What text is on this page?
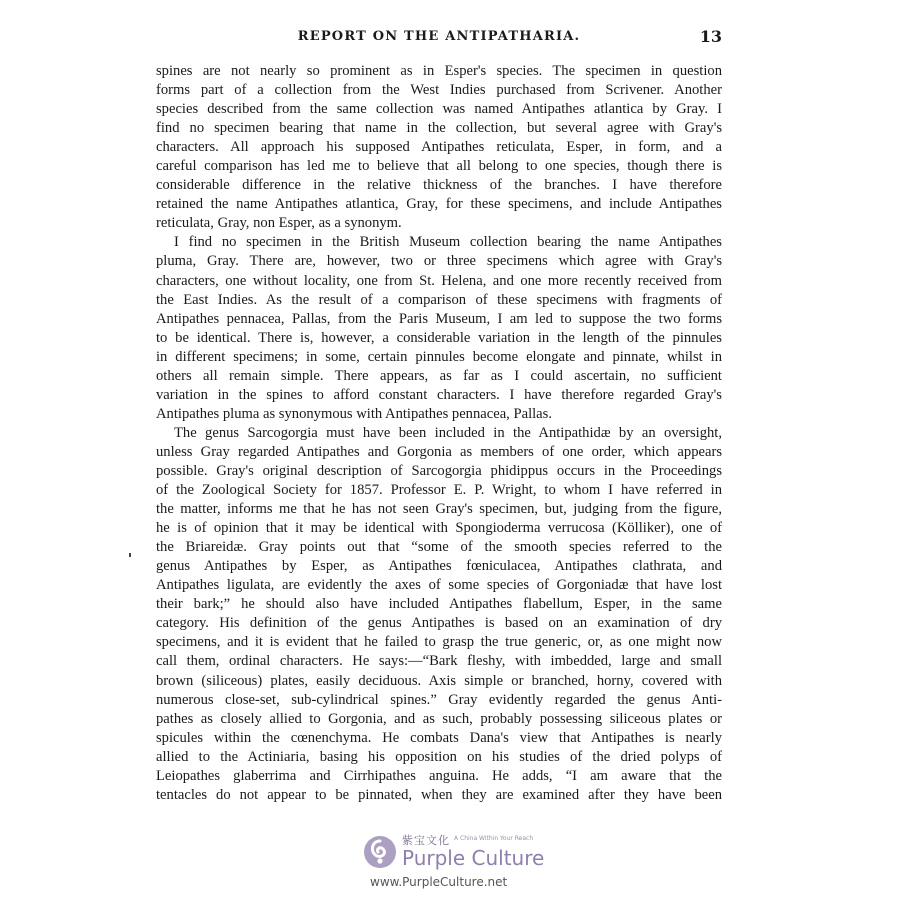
REPORT ON THE ANTIPATHARIA.	13
spines are not nearly so prominent as in Esper's species. The specimen in question
forms part of a collection from the West Indies purchased from Scrivener. Another
species described from the same collection was named Antipathes atlantica by Gray. I
find no specimen bearing that name in the collection, but several agree with Gray's
characters. All approach his supposed Antipathes reticulata, Esper, in form, and a
careful comparison has led me to believe that all belong to one species, though there is
considerable difference in the relative thickness of the branches. I have therefore
retained the name Antipathes atlantica, Gray, for these specimens, and include Antipathes
reticulata, Gray, non Esper, as a synonym.
I find no specimen in the British Museum collection bearing the name Antipathes
pluma, Gray. There are, however, two or three specimens which agree with Gray's
characters, one without locality, one from St. Helena, and one more recently received from
the East Indies. As the result of a comparison of these specimens with fragments of
Antipathes pennacea, Pallas, from the Paris Museum, I am led to suppose the two forms
to be identical. There is, however, a considerable variation in the length of the pinnules
in different specimens; in some, certain pinnules become elongate and pinnate, whilst in
others all remain simple. There appears, as far as I could ascertain, no sufficient
variation in the spines to afford constant characters. I have therefore regarded Gray's
Antipathes pluma as synonymous with Antipathes pennacea, Pallas.
The genus Sarcogorgia must have been included in the Antipathidæ by an oversight,
unless Gray regarded Antipathes and Gorgonia as members of one order, which appears
possible. Gray's original description of Sarcogorgia phidippus occurs in the Proceedings
of the Zoological Society for 1857. Professor E. P. Wright, to whom I have referred in
the matter, informs me that he has not seen Gray's specimen, but, judging from the figure,
he is of opinion that it may be identical with Spongioderma verrucosa (Kölliker), one of
the Briareidæ. Gray points out that “some of the smooth species referred to the
genus Antipathes by Esper, as Antipathes fœniculacea, Antipathes clathrata, and
Antipathes ligulata, are evidently the axes of some species of Gorgoniadæ that have lost
their bark;” he should also have included Antipathes flabellum, Esper, in the same
category. His definition of the genus Antipathes is based on an examination of dry
specimens, and it is evident that he failed to grasp the true generic, or, as one might now
call them, ordinal characters. He says:—“Bark fleshy, with imbedded, large and small
brown (siliceous) plates, easily deciduous. Axis simple or branched, horny, covered with
numerous close-set, sub-cylindrical spines.” Gray evidently regarded the genus Anti-
pathes as closely allied to Gorgonia, and as such, probably possessing siliceous plates or
spicules within the cœnenchyma. He combats Dana's view that Antipathes is nearly
allied to the Actiniaria, basing his opposition on his studies of the dried polyps of
Leiopathes glaberrima and Cirrhipathes anguina. He adds, “I am aware that the
tentacles do not appear to be pinnated, when they are examined after they have been
紫宝文化 A China Within Your Reach
Purple Culture
www.PurpleCulture.net
